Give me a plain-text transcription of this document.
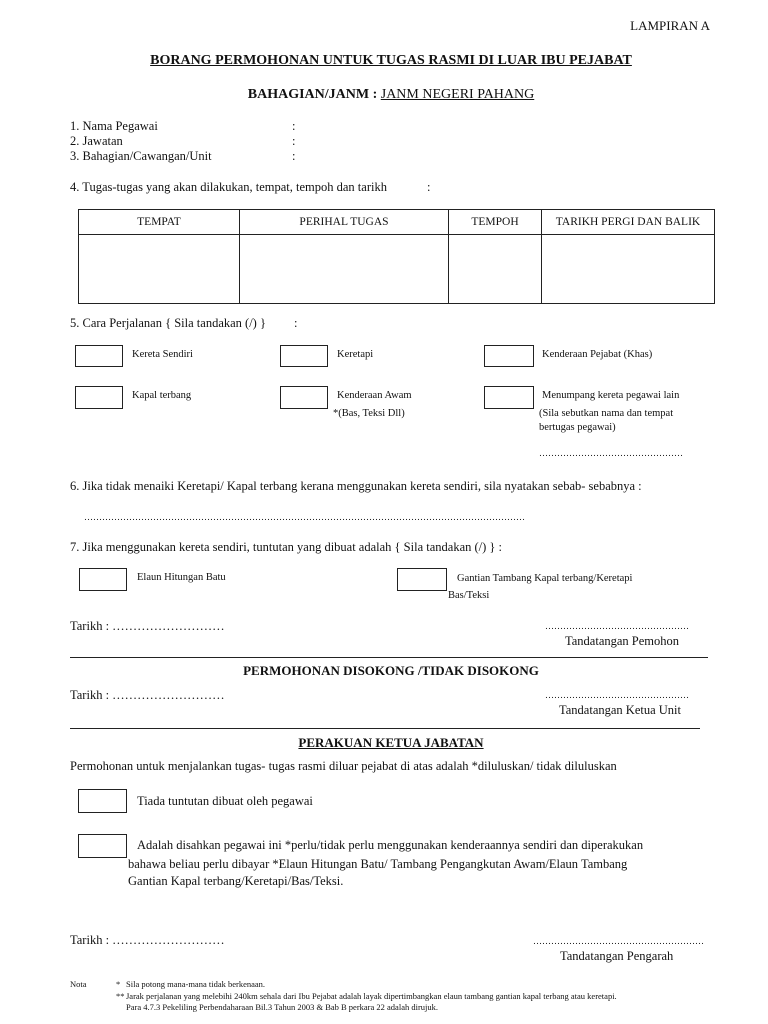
LAMPIRAN A
BORANG PERMOHONAN UNTUK TUGAS RASMI DI LUAR IBU PEJABAT
BAHAGIAN/JANM : JANM NEGERI PAHANG
1. Nama Pegawai	:
2. Jawatan	:
3. Bahagian/Cawangan/Unit	:
4. Tugas-tugas yang akan dilakukan, tempat, tempoh dan tarikh	:
TEMPAT	PERIHAL TUGAS	TEMPOH	TARIKH PERGI DAN BALIK

5. Cara Perjalanan { Sila tandakan (/) } :
Kereta Sendiri	Keretapi	Kenderaan Pejabat (Khas)
Kapal terbang	Kenderaan Awam
*(Bas, Teksi Dll)
Menumpang kereta pegawai lain
(Sila sebutkan nama dan tempat
bertugas pegawai)
…………………………………………
6. Jika tidak menaiki Keretapi/ Kapal terbang kerana menggunakan kereta sendiri, sila nyatakan sebab- sebabnya :
…………………………………………………………………………………………………………………………………
7. Jika menggunakan kereta sendiri, tuntutan yang dibuat adalah { Sila tandakan (/) } :
Elaun Hitungan Batu	Gantian Tambang Kapal terbang/Keretapi
Bas/Teksi
Tarikh : ………………………	…………………………………………
Tandatangan Pemohon
PERMOHONAN DISOKONG /TIDAK DISOKONG
Tarikh : ………………………	…………………………………………
Tandatangan Ketua Unit
PERAKUAN KETUA JABATAN
Permohonan untuk menjalankan tugas- tugas rasmi diluar pejabat di atas adalah *diluluskan/ tidak diluluskan
Tiada tuntutan dibuat oleh pegawai
Adalah disahkan pegawai ini *perlu/tidak perlu menggunakan kenderaannya sendiri dan diperakukan
bahawa beliau perlu dibayar *Elaun Hitungan Batu/ Tambang Pengangkutan Awam/Elaun Tambang
Gantian Kapal terbang/Keretapi/Bas/Teksi.
Tarikh : ………………………	…………………………………………………
Tandatangan Pengarah
Nota	* Sila potong mana-mana tidak berkenaan.
** Jarak perjalanan yang melebihi 240km sehala dari Ibu Pejabat adalah layak dipertimbangkan elaun tambang gantian kapal terbang atau keretapi.
Para 4.7.3 Pekeliling Perbendaharaan Bil.3 Tahun 2003 & Bab B perkara 22 adalah dirujuk.
